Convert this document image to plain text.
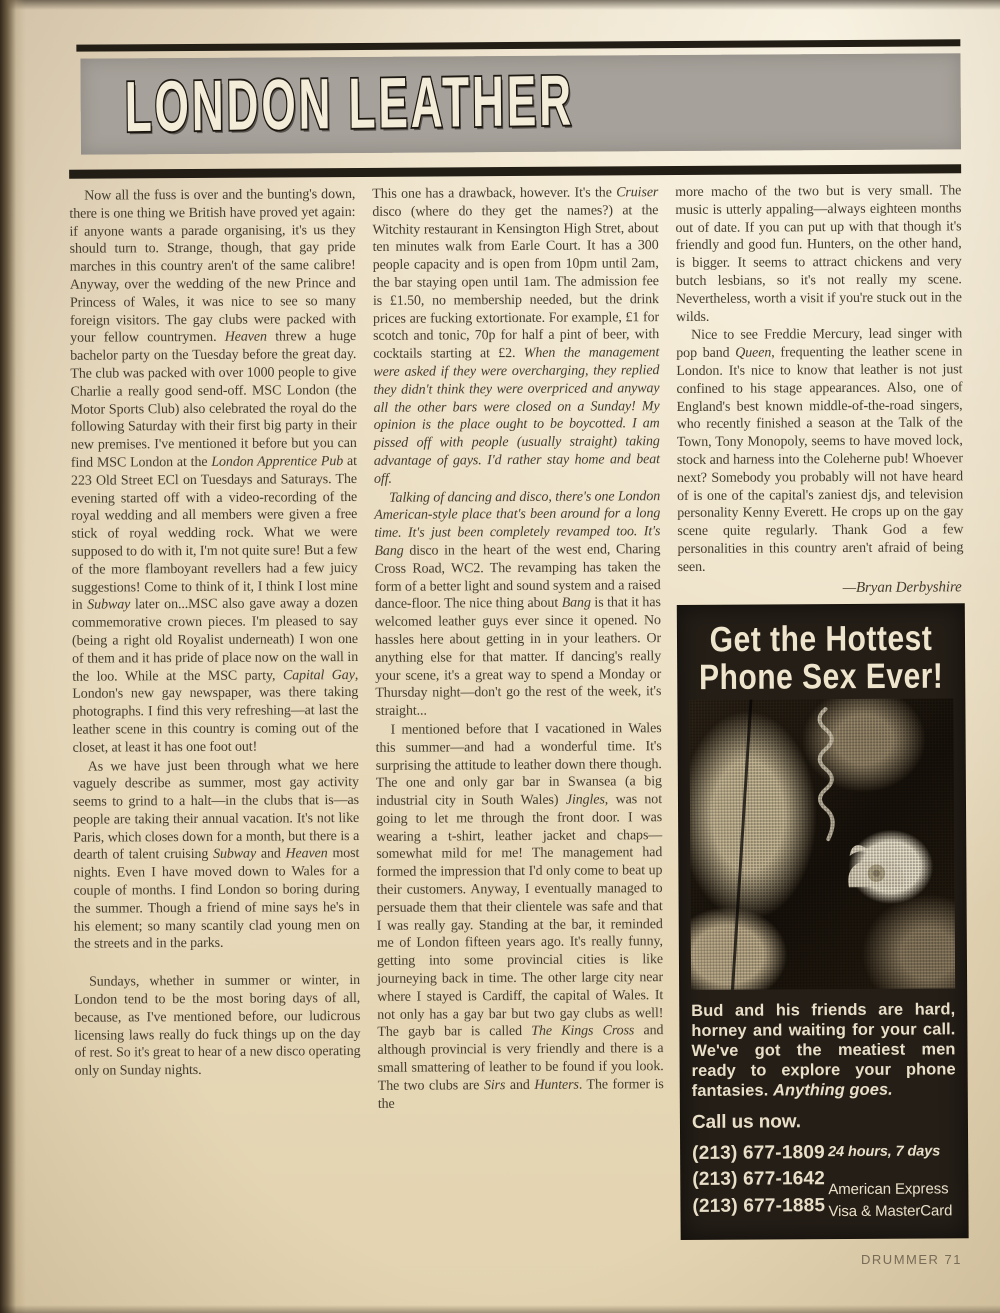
LONDON LEATHER

Now all the fuss is over and the bunting's down, there is one thing we British have proved yet again: if anyone wants a parade organising, it's us they should turn to. Strange, though, that gay pride marches in this country aren't of the same calibre! Anyway, over the wedding of the new Prince and Princess of Wales, it was nice to see so many foreign visitors. The gay clubs were packed with your fellow countrymen. Heaven threw a huge bachelor party on the Tuesday before the great day. The club was packed with over 1000 people to give Charlie a really good send-off. MSC London (the Motor Sports Club) also celebrated the royal do the following Saturday with their first big party in their new premises. I've mentioned it before but you can find MSC London at the London Apprentice Pub at 223 Old Street ECl on Tuesdays and Saturays. The evening started off with a video-recording of the royal wedding and all members were given a free stick of royal wedding rock. What we were supposed to do with it, I'm not quite sure! But a few of the more flamboyant revellers had a few juicy suggestions! Come to think of it, I think I lost mine in Subway later on...MSC also gave away a dozen commemorative crown pieces. I'm pleased to say (being a right old Royalist underneath) I won one of them and it has pride of place now on the wall in the loo. While at the MSC party, Capital Gay, London's new gay newspaper, was there taking photographs. I find this very refreshing—at last the leather scene in this country is coming out of the closet, at least it has one foot out!

As we have just been through what we here vaguely describe as summer, most gay activity seems to grind to a halt—in the clubs that is—as people are taking their annual vacation. It's not like Paris, which closes down for a month, but there is a dearth of talent cruising Subway and Heaven most nights. Even I have moved down to Wales for a couple of months. I find London so boring during the summer. Though a friend of mine says he's in his element; so many scantily clad young men on the streets and in the parks.

Sundays, whether in summer or winter, in London tend to be the most boring days of all, because, as I've mentioned before, our ludicrous licensing laws really do fuck things up on the day of rest. So it's great to hear of a new disco operating only on Sunday nights.

This one has a drawback, however. It's the Cruiser disco (where do they get the names?) at the Witchity restaurant in Kensington High Stret, about ten minutes walk from Earle Court. It has a 300 people capacity and is open from 10pm until 2am, the bar staying open until 1am. The admission fee is £1.50, no membership needed, but the drink prices are fucking extortionate. For example, £1 for scotch and tonic, 70p for half a pint of beer, with cocktails starting at £2. When the management were asked if they were overcharging, they replied they didn't think they were overpriced and anyway all the other bars were closed on a Sunday! My opinion is the place ought to be boycotted. I am pissed off with people (usually straight) taking advantage of gays. I'd rather stay home and beat off.

Talking of dancing and disco, there's one London American-style place that's been around for a long time. It's just been completely revamped too. It's Bang disco in the heart of the west end, Charing Cross Road, WC2. The revamping has taken the form of a better light and sound system and a raised dance-floor. The nice thing about Bang is that it has welcomed leather guys ever since it opened. No hassles here about getting in in your leathers. Or anything else for that matter. If dancing's really your scene, it's a great way to spend a Monday or Thursday night—don't go the rest of the week, it's straight...

I mentioned before that I vacationed in Wales this summer—and had a wonderful time. It's surprising the attitude to leather down there though. The one and only gar bar in Swansea (a big industrial city in South Wales) Jingles, was not going to let me through the front door. I was wearing a t-shirt, leather jacket and chaps—somewhat mild for me! The management had formed the impression that I'd only come to beat up their customers. Anyway, I eventually managed to persuade them that their clientele was safe and that I was really gay. Standing at the bar, it reminded me of London fifteen years ago. It's really funny, getting into some provincial cities is like journeying back in time. The other large city near where I stayed is Cardiff, the capital of Wales. It not only has a gay bar but two gay clubs as well! The gayb bar is called The Kings Cross and although provincial is very friendly and there is a small smattering of leather to be found if you look. The two clubs are Sirs and Hunters. The former is the

more macho of the two but is very small. The music is utterly appaling—always eighteen months out of date. If you can put up with that though it's friendly and good fun. Hunters, on the other hand, is bigger. It seems to attract chickens and very butch lesbians, so it's not really my scene. Nevertheless, worth a visit if you're stuck out in the wilds.

Nice to see Freddie Mercury, lead singer with pop band Queen, frequenting the leather scene in London. It's nice to know that leather is not just confined to his stage appearances. Also, one of England's best known middle-of-the-road singers, who recently finished a season at the Talk of the Town, Tony Monopoly, seems to have moved lock, stock and harness into the Coleherne pub! Whoever next? Somebody you probably will not have heard of is one of the capital's zaniest djs, and television personality Kenny Everett. He crops up on the gay scene quite regularly. Thank God a few personalities in this country aren't afraid of being seen.

—Bryan Derbyshire
Get the Hottest
Phone Sex Ever!
Bud and his friends are hard, horney and waiting for your call. We've got the meatiest men ready to explore your phone fantasies. Anything goes.
Call us now.
(213) 677-1809
(213) 677-1642
(213) 677-1885
24 hours, 7 days
American Express
Visa & MasterCard
DRUMMER 71
